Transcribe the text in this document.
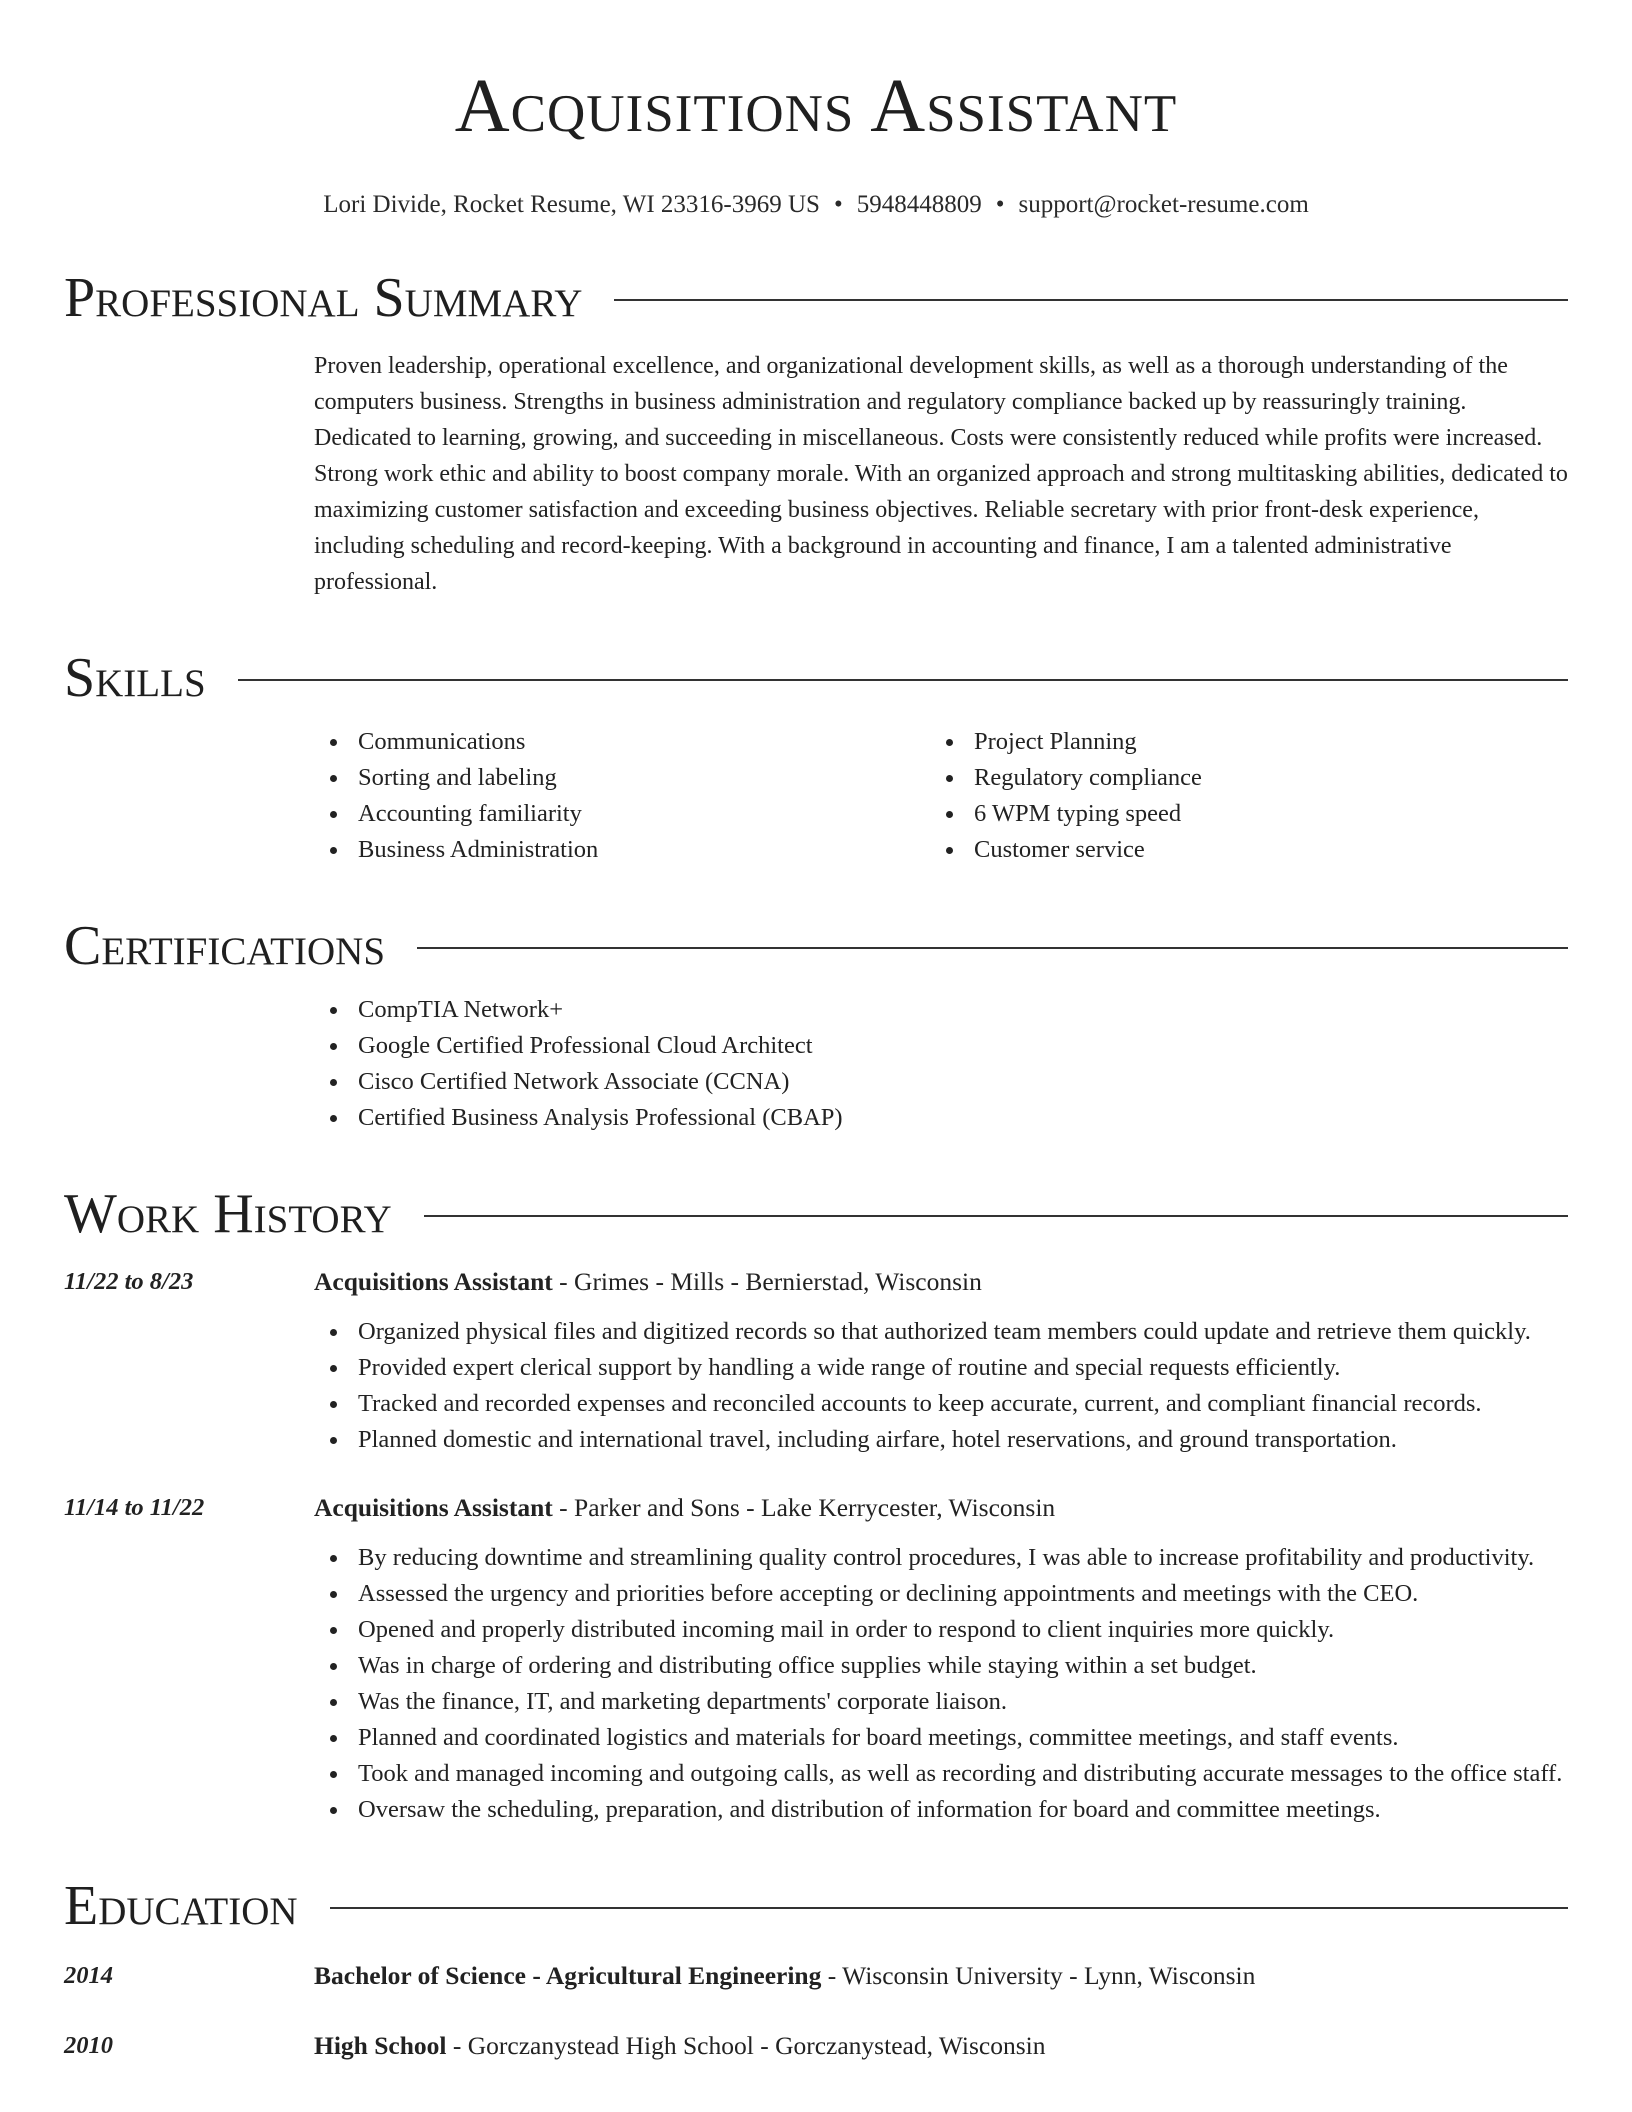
Acquisitions Assistant
Lori Divide, Rocket Resume, WI 23316-3969 US • 5948448809 • support@rocket-resume.com
Professional Summary

Proven leadership, operational excellence, and organizational development skills, as well as a thorough understanding of the computers business. Strengths in business administration and regulatory compliance backed up by reassuringly training. Dedicated to learning, growing, and succeeding in miscellaneous. Costs were consistently reduced while profits were increased. Strong work ethic and ability to boost company morale. With an organized approach and strong multitasking abilities, dedicated to maximizing customer satisfaction and exceeding business objectives. Reliable secretary with prior front-desk experience, including scheduling and record-keeping. With a background in accounting and finance, I am a talented administrative professional.

Skills
Communications
Sorting and labeling
Accounting familiarity
Business Administration
Project Planning
Regulatory compliance
6 WPM typing speed
Customer service
Certifications
CompTIA Network+
Google Certified Professional Cloud Architect
Cisco Certified Network Associate (CCNA)
Certified Business Analysis Professional (CBAP)
Work History
11/22 to 8/23	Acquisitions Assistant - Grimes - Mills - Bernierstad, Wisconsin
Organized physical files and digitized records so that authorized team members could update and retrieve them quickly.
Provided expert clerical support by handling a wide range of routine and special requests efficiently.
Tracked and recorded expenses and reconciled accounts to keep accurate, current, and compliant financial records.
Planned domestic and international travel, including airfare, hotel reservations, and ground transportation.
11/14 to 11/22	Acquisitions Assistant - Parker and Sons - Lake Kerrycester, Wisconsin
By reducing downtime and streamlining quality control procedures, I was able to increase profitability and productivity.
Assessed the urgency and priorities before accepting or declining appointments and meetings with the CEO.
Opened and properly distributed incoming mail in order to respond to client inquiries more quickly.
Was in charge of ordering and distributing office supplies while staying within a set budget.
Was the finance, IT, and marketing departments' corporate liaison.
Planned and coordinated logistics and materials for board meetings, committee meetings, and staff events.
Took and managed incoming and outgoing calls, as well as recording and distributing accurate messages to the office staff.
Oversaw the scheduling, preparation, and distribution of information for board and committee meetings.
Education
2014	Bachelor of Science - Agricultural Engineering - Wisconsin University - Lynn, Wisconsin
2010	High School - Gorczanystead High School - Gorczanystead, Wisconsin
